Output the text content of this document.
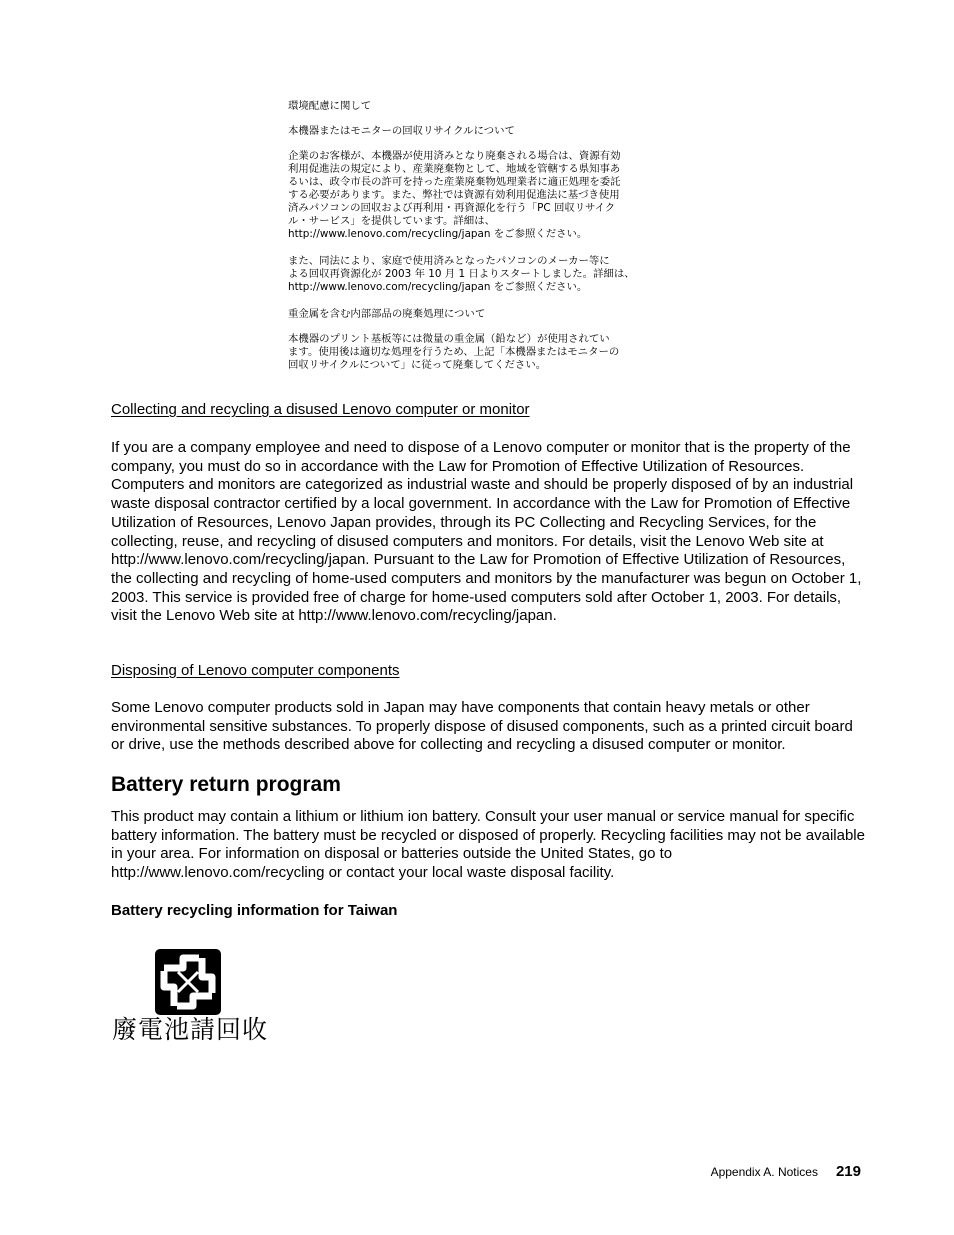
環境配慮に関して

本機器またはモニターの回収リサイクルについて

企業のお客様が、本機器が使用済みとなり廃棄される場合は、資源有効
利用促進法の規定により、産業廃棄物として、地域を管轄する県知事あ
るいは、政令市長の許可を持った産業廃棄物処理業者に適正処理を委託
する必要があります。また、弊社では資源有効利用促進法に基づき使用
済みパソコンの回収および再利用・再資源化を行う「PC 回収リサイク
ル・サービス」を提供しています。詳細は、
http://www.lenovo.com/recycling/japan をご参照ください。

また、同法により、家庭で使用済みとなったパソコンのメーカー等に
よる回収再資源化が 2003 年 10 月 1 日よりスタートしました。詳細は、
http://www.lenovo.com/recycling/japan をご参照ください。

重金属を含む内部部品の廃棄処理について

本機器のプリント基板等には微量の重金属（鉛など）が使用されてい
ます。使用後は適切な処理を行うため、上記「本機器またはモニターの
回収リサイクルについて」に従って廃棄してください。

Collecting and recycling a disused Lenovo computer or monitor

If you are a company employee and need to dispose of a Lenovo computer or monitor that is the property of the company, you must do so in accordance with the Law for Promotion of Effective Utilization of Resources. Computers and monitors are categorized as industrial waste and should be properly disposed of by an industrial waste disposal contractor certified by a local government. In accordance with the Law for Promotion of Effective Utilization of Resources, Lenovo Japan provides, through its PC Collecting and Recycling Services, for the collecting, reuse, and recycling of disused computers and monitors. For details, visit the Lenovo Web site at http://www.lenovo.com/recycling/japan. Pursuant to the Law for Promotion of Effective Utilization of Resources, the collecting and recycling of home-used computers and monitors by the manufacturer was begun on October 1, 2003. This service is provided free of charge for home-used computers sold after October 1, 2003. For details, visit the Lenovo Web site at http://www.lenovo.com/recycling/japan.

Disposing of Lenovo computer components

Some Lenovo computer products sold in Japan may have components that contain heavy metals or other environmental sensitive substances. To properly dispose of disused components, such as a printed circuit board or drive, use the methods described above for collecting and recycling a disused computer or monitor.

Battery return program

This product may contain a lithium or lithium ion battery. Consult your user manual or service manual for specific battery information. The battery must be recycled or disposed of properly. Recycling facilities may not be available in your area. For information on disposal or batteries outside the United States, go to http://www.lenovo.com/recycling or contact your local waste disposal facility.

Battery recycling information for Taiwan

廢電池請回收

Appendix A. Notices 219
